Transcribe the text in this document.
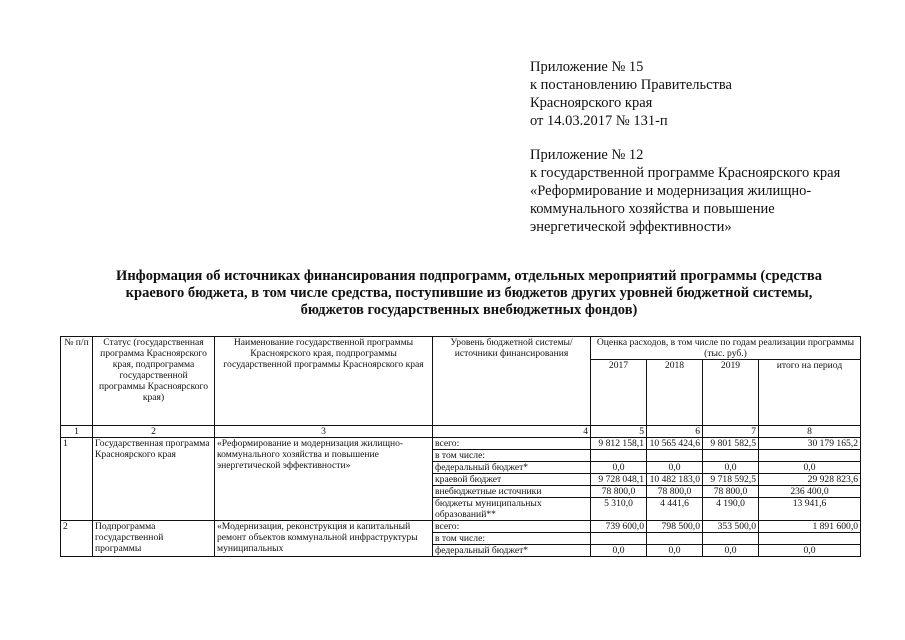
Приложение № 15
к постановлению Правительства
Красноярского края
от 14.03.2017 № 131-п
Приложение № 12
к государственной программе Красноярского края
«Реформирование и модернизация жилищно-
коммунального хозяйства и повышение
энергетической эффективности»
Информация об источниках финансирования подпрограмм, отдельных мероприятий программы (средства
краевого бюджета, в том числе средства, поступившие из бюджетов других уровней бюджетной системы,
бюджетов государственных внебюджетных фондов)
№ п/п	Статус (государственная программа Красноярского края, подпрограмма государственной программы Красноярского края)	Наименование государственной программы Красноярского края, подпрограммы государственной программы Красноярского края	Уровень бюджетной системы/источники финансирования	Оценка расходов, в том числе по годам реализации программы (тыс. руб.)			
				2017	2018	2019	итого на период
1	2	3	4	5	6	7	8
1	Государственная программа Красноярского края	«Реформирование и модернизация жилищно-коммунального хозяйства и повышение энергетической эффективности»	всего:	9 812 158,1	10 565 424,6	9 801 582,5	30 179 165,2
			в том числе:				
			федеральный бюджет*	0,0	0,0	0,0	0,0
			краевой бюджет	9 728 048,1	10 482 183,0	9 718 592,5	29 928 823,6
			внебюджетные источники	78 800,0	78 800,0	78 800,0	236 400,0
			бюджеты муниципальных образований**	5 310,0	4 441,6	4 190,0	13 941,6
2	Подпрограмма государственной программы	«Модернизация, реконструкция и капитальный ремонт объектов коммунальной инфраструктуры муниципальных	всего:	739 600,0	798 500,0	353 500,0	1 891 600,0
			в том числе:				
			федеральный бюджет*	0,0	0,0	0,0	0,0
